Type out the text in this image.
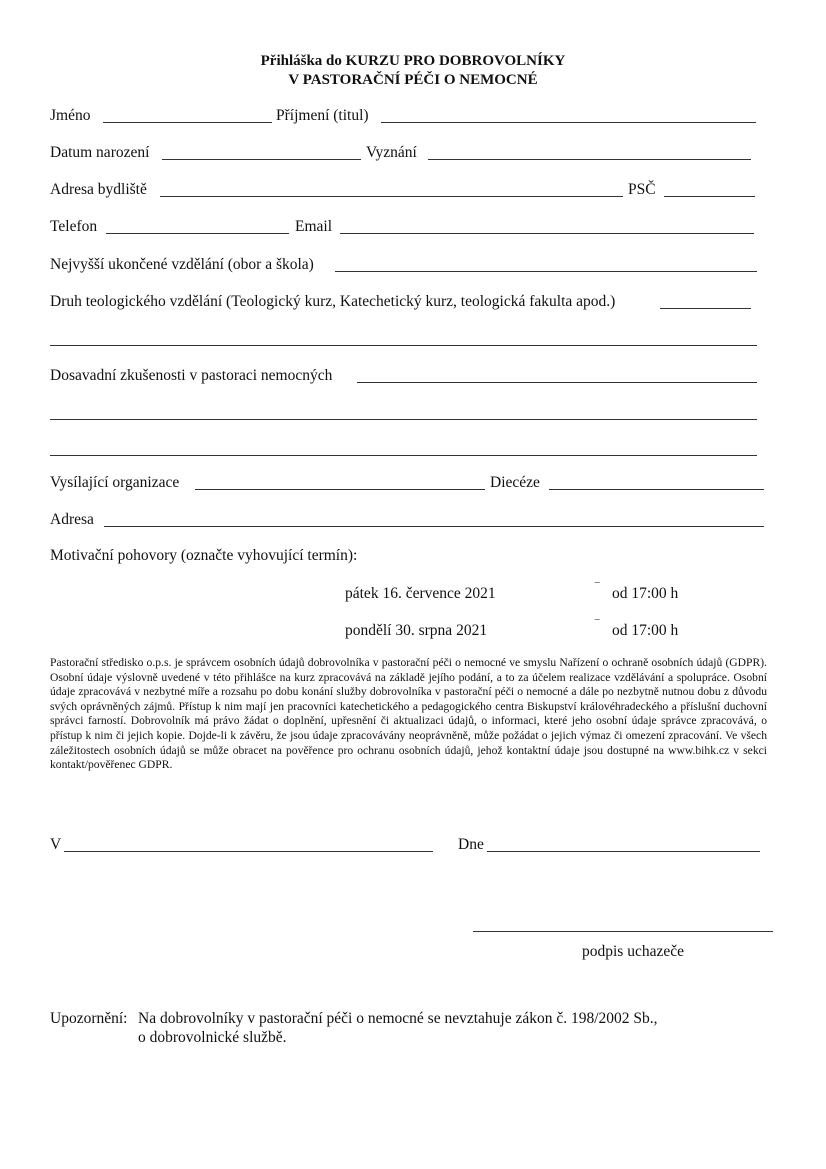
Přihláška do KURZU PRO DOBROVOLNÍKY
V PASTORAČNÍ PÉČI O NEMOCNÉ
Jméno	Příjmení (titul)
Datum narození	Vyznání
Adresa bydliště	PSČ
Telefon	Email
Nejvyšší ukončené vzdělání (obor a škola)
Druh teologického vzdělání (Teologický kurz, Katechetický kurz, teologická fakulta apod.)
Dosavadní zkušenosti v pastoraci nemocných
Vysílající organizace	Diecéze
Adresa
Motivační pohovory (označte vyhovující termín):
pátek 16. července 2021	‾ od 17:00 h
pondělí 30. srpna 2021	‾ od 17:00 h
Pastorační středisko o.p.s. je správcem osobních údajů dobrovolníka v pastorační péči o nemocné ve smyslu Nařízení o ochraně osobních údajů (GDPR). Osobní údaje výslovně uvedené v této přihlášce na kurz zpracovává na základě jejího podání, a to za účelem realizace vzdělávání a spolupráce. Osobní údaje zpracovává v nezbytné míře a rozsahu po dobu konání služby dobrovolníka v pastorační péči o nemocné a dále po nezbytně nutnou dobu z důvodu svých oprávněných zájmů. Přístup k nim mají jen pracovníci katechetického a pedagogického centra Biskupství královéhradeckého a příslušní duchovní správci farností. Dobrovolník má právo žádat o doplnění, upřesnění či aktualizaci údajů, o informaci, které jeho osobní údaje správce zpracovává, o přístup k nim či jejich kopie. Dojde-li k závěru, že jsou údaje zpracovávány neoprávněně, může požádat o jejich výmaz či omezení zpracování. Ve všech záležitostech osobních údajů se může obracet na pověřence pro ochranu osobních údajů, jehož kontaktní údaje jsou dostupné na www.bihk.cz v sekci kontakt/pověřenec GDPR.
V	Dne
podpis uchazeče
Upozornění: Na dobrovolníky v pastorační péči o nemocné se nevztahuje zákon č. 198/2002 Sb.,
o dobrovolnické službě.
